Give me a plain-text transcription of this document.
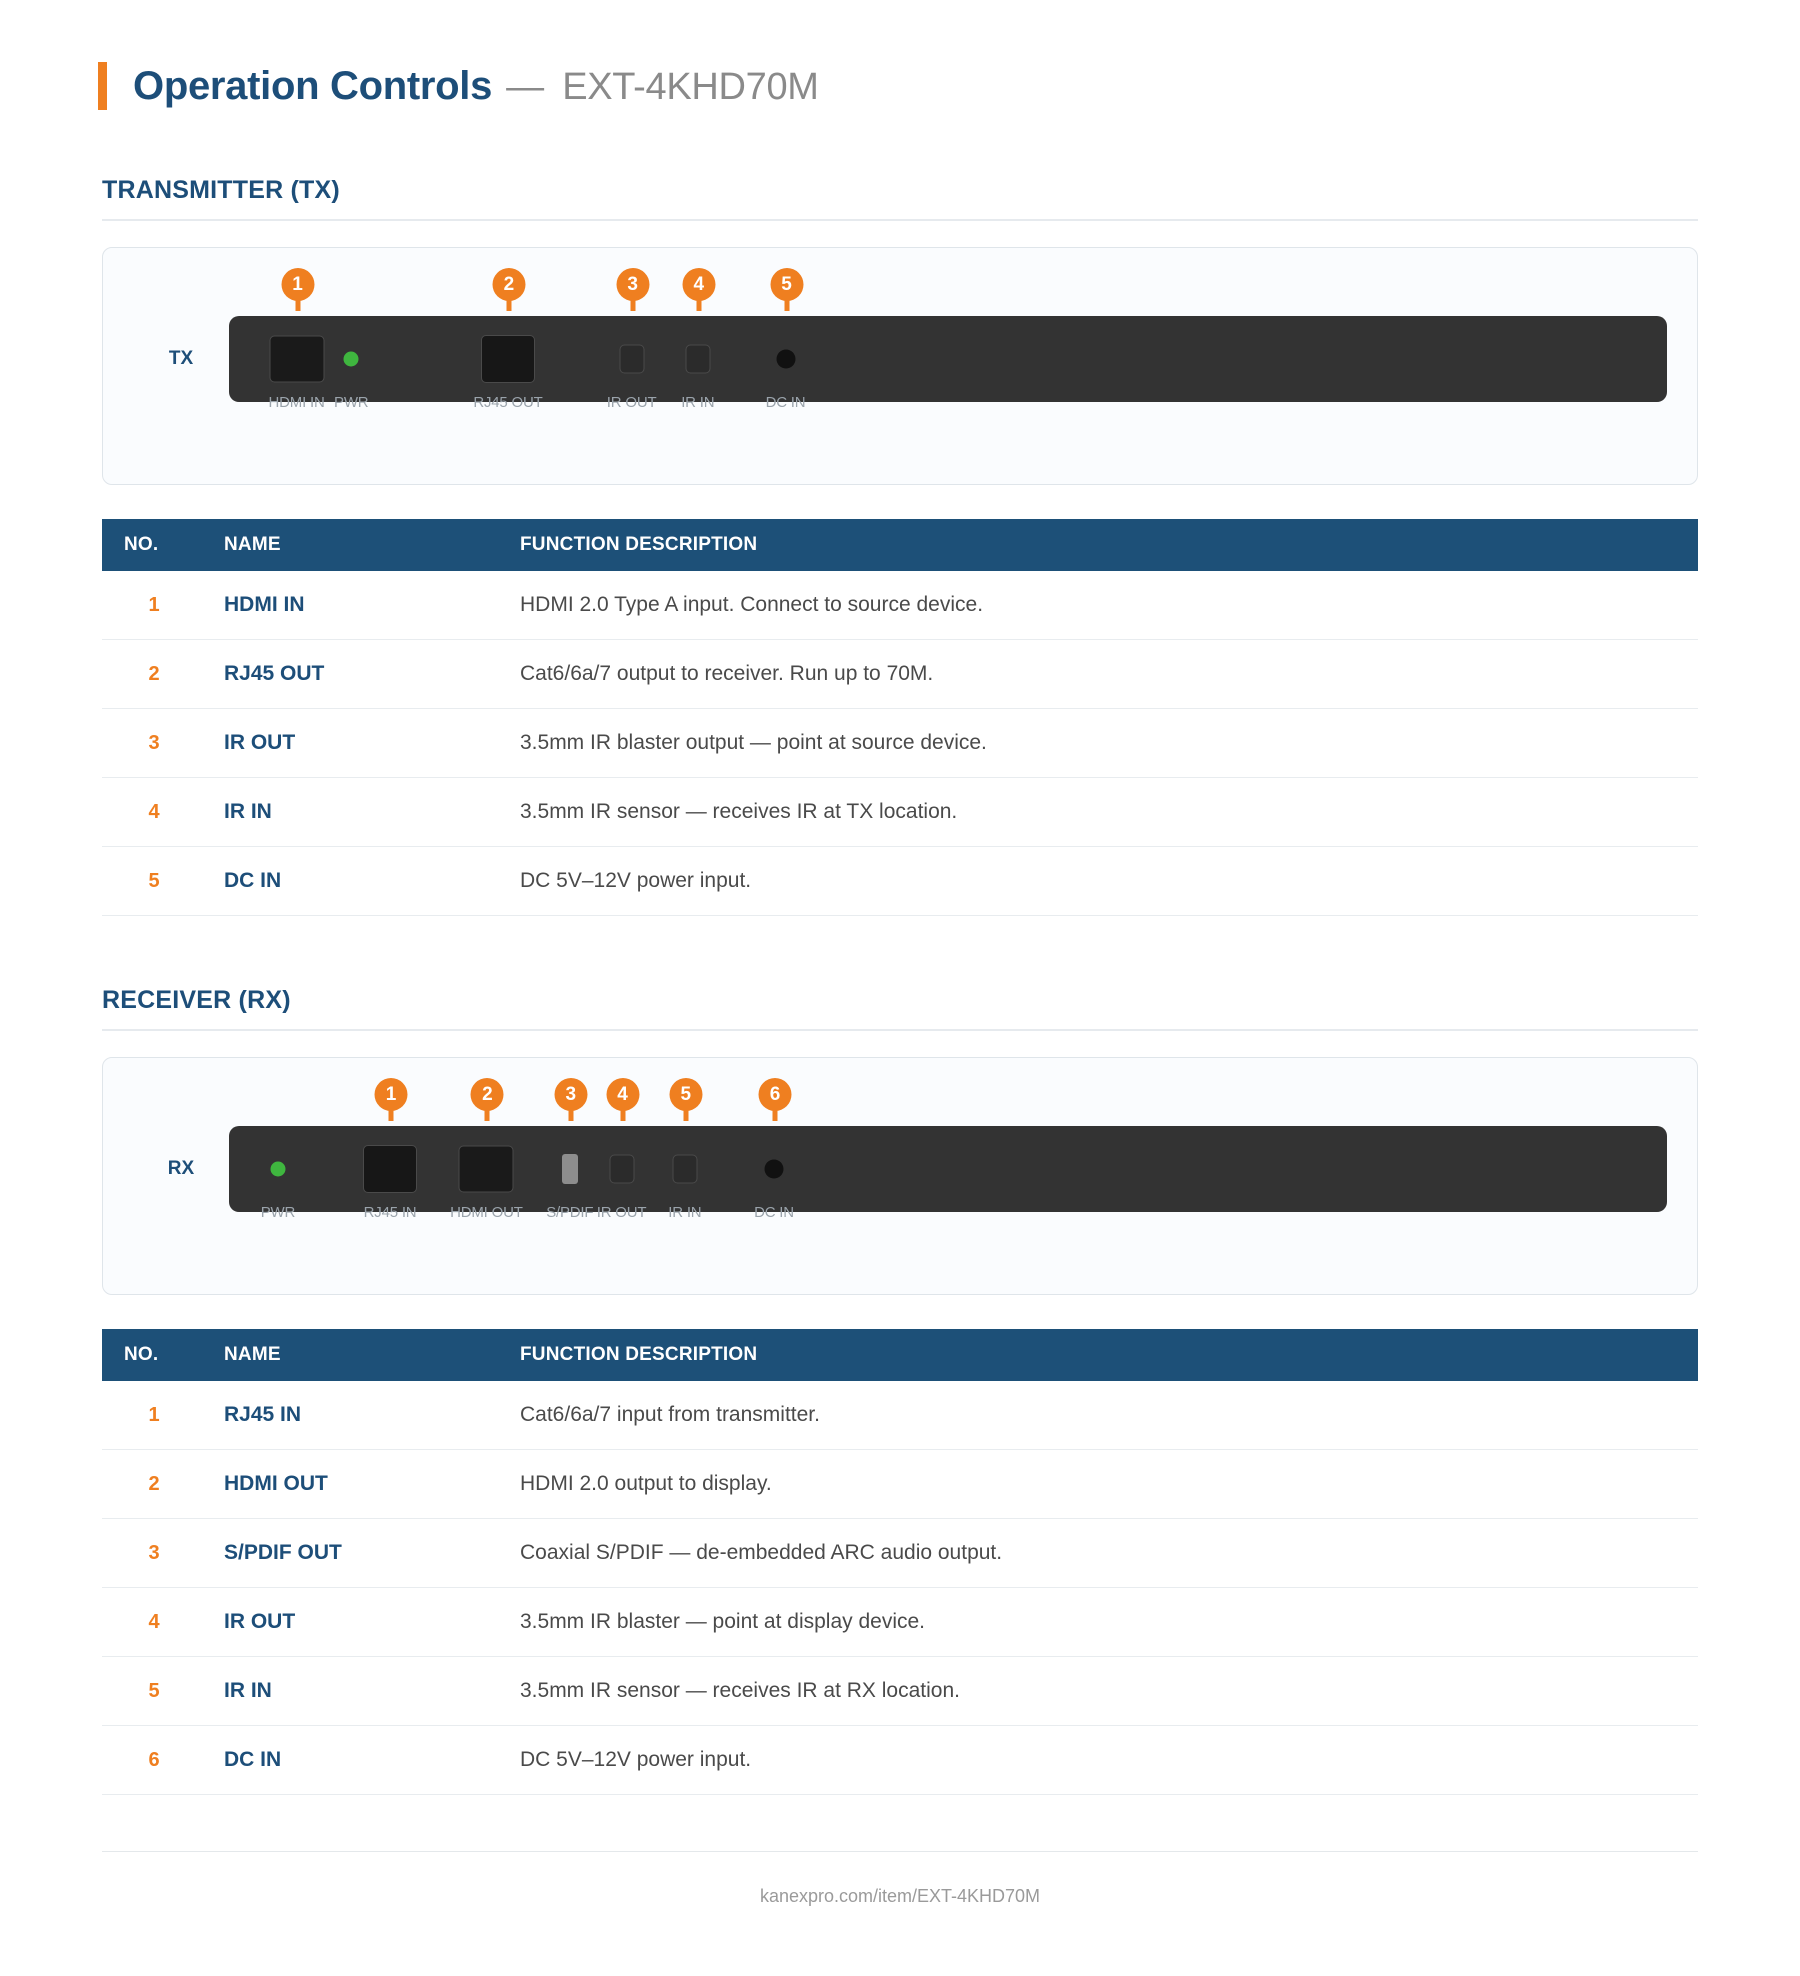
Operation Controls — EXT-4KHD70M
TRANSMITTER (TX)
TX
HDMI IN PWR	RJ45 OUT	IR OUT IR IN	DC IN
1	2	3	4	5
NO.	NAME	FUNCTION DESCRIPTION
1	HDMI IN	HDMI 2.0 Type A input. Connect to source device.
2	RJ45 OUT	Cat6/6a/7 output to receiver. Run up to 70M.
3	IR OUT	3.5mm IR blaster output — point at source device.
4	IR IN	3.5mm IR sensor — receives IR at TX location.
5	DC IN	DC 5V–12V power input.
RECEIVER (RX)
RX
PWR	RJ45 IN HDMI OUT S/PDIF IR OUT IR IN	DC IN
1	2	3	4	5	6
NO.	NAME	FUNCTION DESCRIPTION
1	RJ45 IN	Cat6/6a/7 input from transmitter.
2	HDMI OUT	HDMI 2.0 output to display.
3	S/PDIF OUT	Coaxial S/PDIF — de-embedded ARC audio output.
4	IR OUT	3.5mm IR blaster — point at display device.
5	IR IN	3.5mm IR sensor — receives IR at RX location.
6	DC IN	DC 5V–12V power input.
kanexpro.com/item/EXT-4KHD70M
